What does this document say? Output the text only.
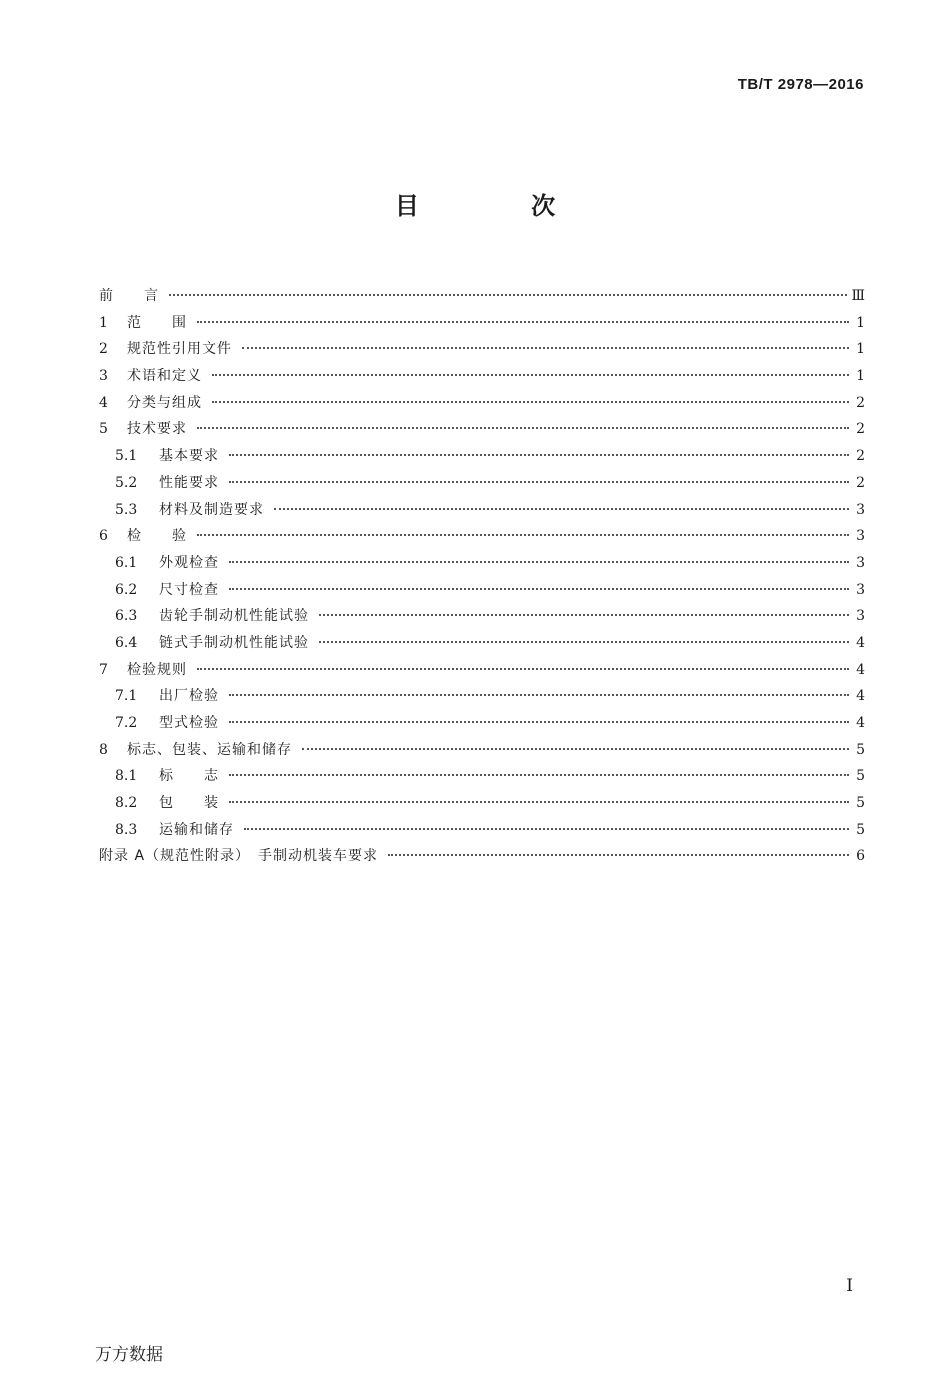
TB/T 2978—2016
目 次
前　　言	Ⅲ
1	范　　围	1
2	规范性引用文件	1
3	术语和定义	1
4	分类与组成	2
5	技术要求	2
5.1	基本要求	2
5.2	性能要求	2
5.3	材料及制造要求	3
6	检　　验	3
6.1	外观检查	3
6.2	尺寸检查	3
6.3	齿轮手制动机性能试验	3
6.4	链式手制动机性能试验	4
7	检验规则	4
7.1	出厂检验	4
7.2	型式检验	4
8	标志、包装、运输和储存	5
8.1	标　　志	5
8.2	包　　装	5
8.3	运输和储存	5
附录 A（规范性附录）　手制动机装车要求	6
I
万方数据
